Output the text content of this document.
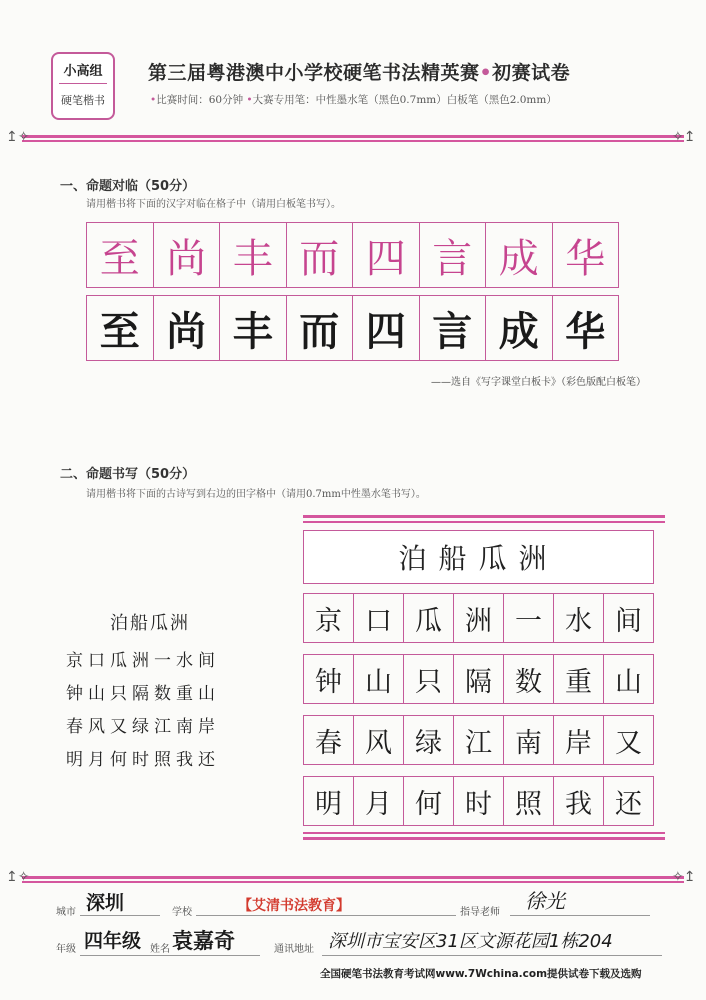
小高组
硬笔楷书
第三届粤港澳中小学校硬笔书法精英赛•初赛试卷
•比赛时间：60分钟 •大赛专用笔：中性墨水笔（黑色0.7mm）白板笔（黑色2.0mm）
↥✧	✧↥
一、命题对临（50分）
请用楷书将下面的汉字对临在格子中（请用白板笔书写）。
至 尚 丰 而 四 言 成 华
至 尚 丰 而 四 言 成 华
——选自《写字课堂白板卡》（彩色版配白板笔）
二、命题书写（50分）
请用楷书将下面的古诗写到右边的田字格中（请用0.7mm中性墨水笔书写）。
泊船瓜洲
京口瓜洲一水间
钟山只隔数重山
春风又绿江南岸
明月何时照我还
泊船瓜洲
京 口 瓜 洲 一 水 间
钟 山 只 隔 数 重 山
春 风 绿 江 南 岸 又
明 月 何 时 照 我 还
↥✧	✧↥
城市 深圳	学校	【艾清书法教育】	指导老师 徐光
年级 四年级 姓名 袁嘉奇	通讯地址 深圳市宝安区31区文源花园1栋204
全国硬笔书法教育考试网www.7Wchina.com提供试卷下载及选购
